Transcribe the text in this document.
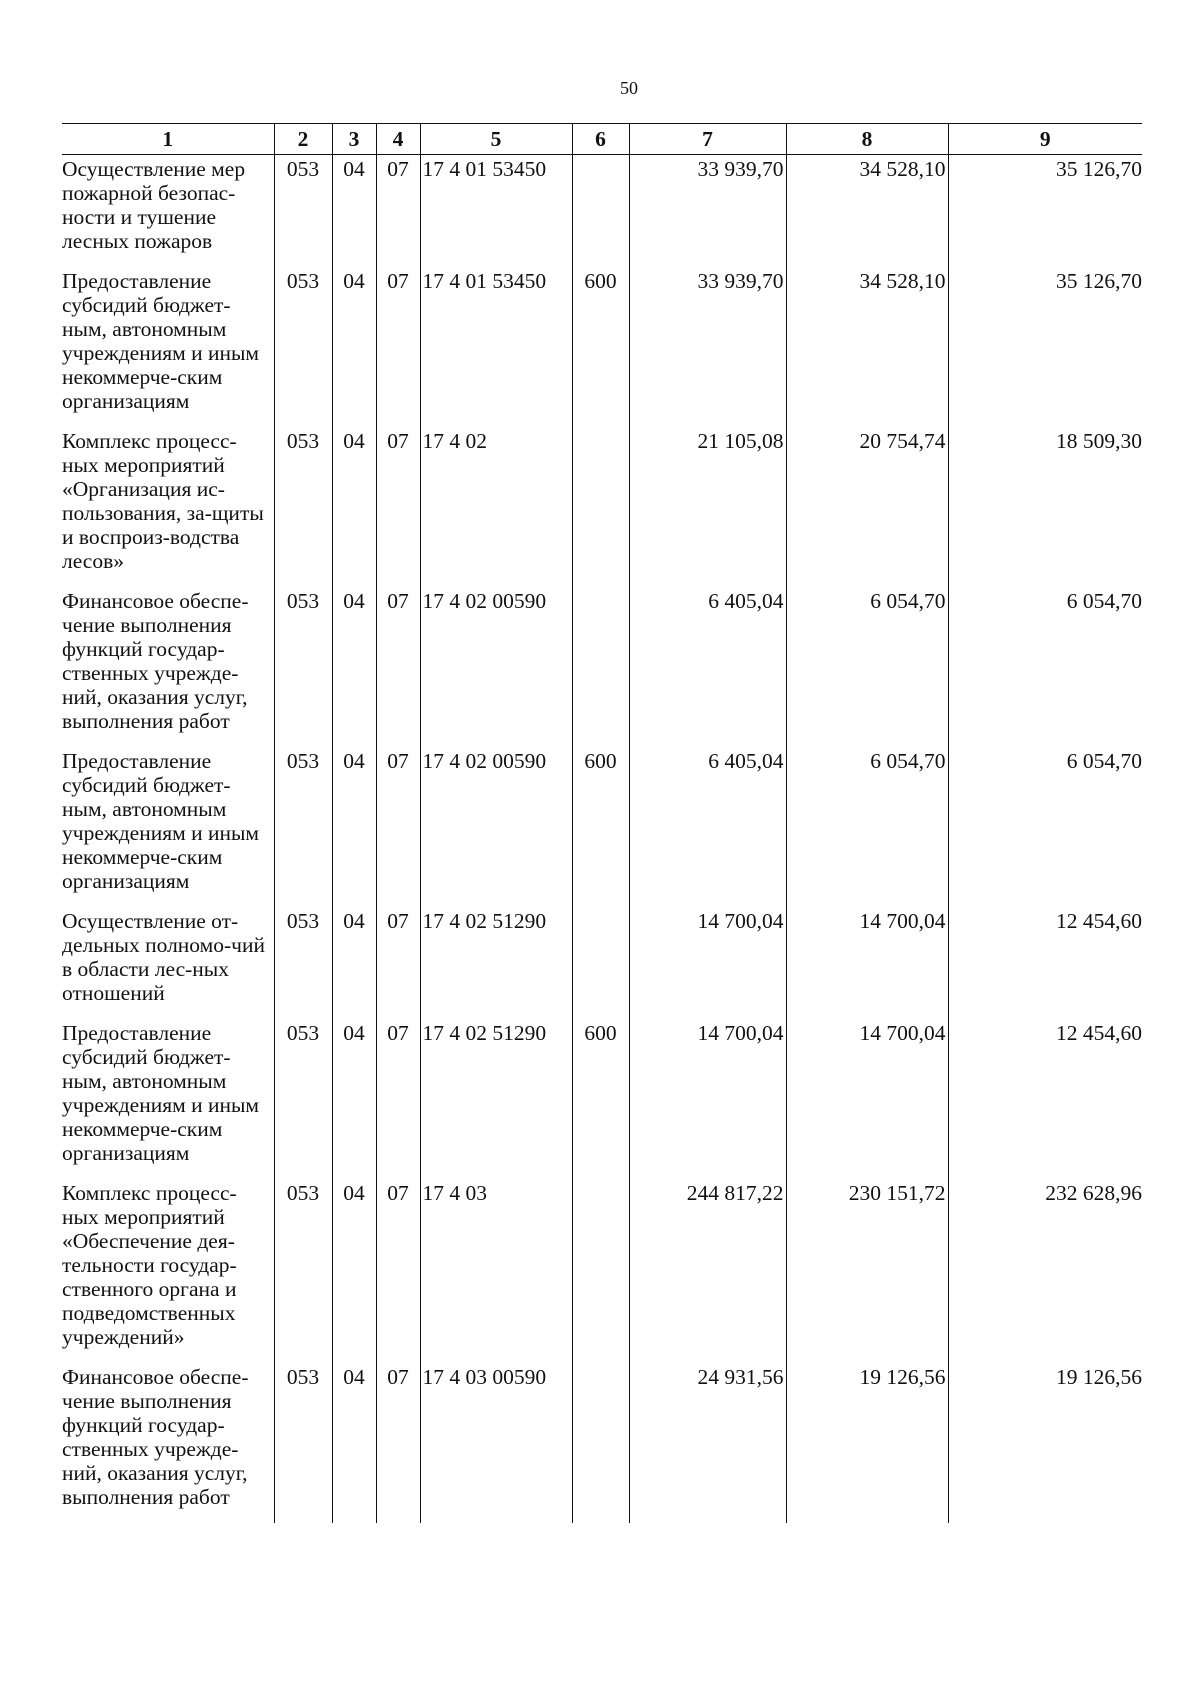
50
1	2	3	4	5	6	7	8	9
Осуществление мер пожарной безопас-ности и тушение лесных пожаров	053	04	07	17 4 01 53450		33 939,70	34 528,10	35 126,70
Предоставление субсидий бюджет-ным, автономным учреждениям и иным некоммерче-ским организациям	053	04	07	17 4 01 53450	600	33 939,70	34 528,10	35 126,70
Комплекс процесс-ных мероприятий «Организация ис-пользования, за-щиты и воспроиз-водства лесов»	053	04	07	17 4 02		21 105,08	20 754,74	18 509,30
Финансовое обеспе-чение выполнения функций государ-ственных учрежде-ний, оказания услуг, выполнения работ	053	04	07	17 4 02 00590		6 405,04	6 054,70	6 054,70
Предоставление субсидий бюджет-ным, автономным учреждениям и иным некоммерче-ским организациям	053	04	07	17 4 02 00590	600	6 405,04	6 054,70	6 054,70
Осуществление от-дельных полномо-чий в области лес-ных отношений	053	04	07	17 4 02 51290		14 700,04	14 700,04	12 454,60
Предоставление субсидий бюджет-ным, автономным учреждениям и иным некоммерче-ским организациям	053	04	07	17 4 02 51290	600	14 700,04	14 700,04	12 454,60
Комплекс процесс-ных мероприятий «Обеспечение дея-тельности государ-ственного органа и подведомственных учреждений»	053	04	07	17 4 03		244 817,22	230 151,72	232 628,96
Финансовое обеспе-чение выполнения функций государ-ственных учрежде-ний, оказания услуг, выполнения работ	053	04	07	17 4 03 00590		24 931,56	19 126,56	19 126,56
